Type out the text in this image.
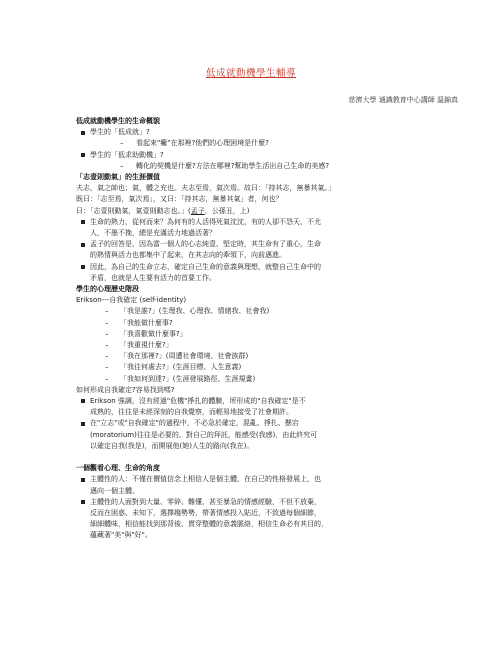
低成就動機學生輔導
慈濟大學 通識教育中心講師 溫錦真
低成就動機學生的生命概貌
學生的「低成就」?
– 看起來"癱"在那裡?他們的心理困境是什麼?
學生的「低求助動機」?
– 轉化的契機是什麼?方法在哪裡?幫助學生活出自己生命的美感?
「志壹則動氣」的生涯價值
夫志，氣之帥也；氣，體之充也。夫志至焉，氣次焉。故曰：「持其志，無暴其氣。」
既曰：「志至焉，氣次焉」，又曰：「持其志，無暴其氣」者，何也？
曰：「志壹則動氣，氣壹則動志也。」(孟子，公孫丑，上)
生命的熱力，從何而來？為何有的人活得死氣沈沈，有的人卻不怨天、不尤
人，不墨不挽，總是充滿活力地過活著？
孟子的回答是，因為當一個人的心志純壹、堅定時，其生命有了重心，生命
的熱情與活力也都集中了起來，在其志向的牽領下，向前邁進。
因此，為自己的生命立志，確定自己生命的意義與理想，就整自己生命中的
矛盾，也就是人生要有活力的首要工作。
學生的心理歷史階段
Erikson---自我確定 (self-identity)
– 「我是誰?」(生理我、心理我、情緒我、社會我)
– 「我能做什麼事?
– 「我喜歡做什麼事?」
– 「我重視什麼?」
– 「我在那裡?」(周遭社會環境、社會族群)
– 「我往何處去?」(生涯目標、人生意義)
– 「我如何到達?」(生涯發展路徑、生涯規畫)
如何形成自我確定?容易找到嗎?
Erikson 強調，沒有經過"危機"掙扎的體驗，所形成的"自我確定"是不
成熟的，往往是未經深刻的自我覺察，而輕易地接受了社會期許。
在"立志"或"自我確定"的過程中，不必急於確定，混亂、掙扎、懸宕
(moratorium)往往是必要的。對自己的拜託，能感受(我感)，由此終究可
以確定自我(我是)，而開展他(她)人生的路向(我在)。
一個觀看心理、生命的角度
主體性的人：不僅在價值信念上相信人是個主體，在自己的性格發展上，也
邁向一個主體。
主體性的人面對到大量、零碎、難懂，甚至暴急的情感經驗，不但不放棄，
反而在困惑、未知下，選擇趨勢勢、帶著情感投入貼近，不致過每個細節，
細細體味，相信能找到那背後、貫穿整體的意義脈絡，相信生命必有其目的，
蘊藏著"美"與"好"。
